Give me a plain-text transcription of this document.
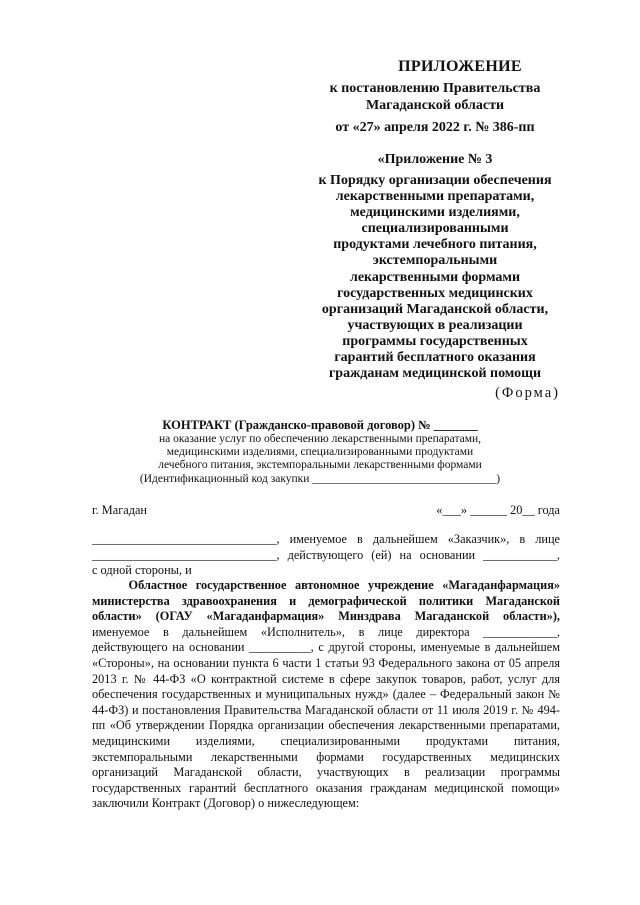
ПРИЛОЖЕНИЕ
к постановлению Правительства
Магаданской области
от «27» апреля 2022 г. № 386-пп
«Приложение № 3
к Порядку организации обеспечения
лекарственными препаратами,
медицинскими изделиями,
специализированными
продуктами лечебного питания,
экстемпоральными
лекарственными формами
государственных медицинских
организаций Магаданской области,
участвующих в реализации
программы государственных
гарантий бесплатного оказания
гражданам медицинской помощи
(Форма)
КОНТРАКТ (Гражданско-правовой договор) № _______
на оказание услуг по обеспечению лекарственными препаратами,
медицинскими изделиями, специализированными продуктами
лечебного питания, экстемпоральными лекарственными формами
(Идентификационный код закупки ________________________________)
г. Магадан	«___» ______ 20__ года
______________________________, именуемое в дальнейшем «Заказчик», в лице
______________________________, действующего (ей) на основании ____________,
с одной стороны, и
Областное государственное автономное учреждение «Магаданфармация» министерства здравоохранения и демографической политики Магаданской области» (ОГАУ «Магаданфармация» Минздрава Магаданской области»), именуемое в дальнейшем «Исполнитель», в лице директора ____________, действующего на основании __________, с другой стороны, именуемые в дальнейшем «Стороны», на основании пункта 6 части 1 статьи 93 Федерального закона от 05 апреля 2013 г. № 44-ФЗ «О контрактной системе в сфере закупок товаров, работ, услуг для обеспечения государственных и муниципальных нужд» (далее – Федеральный закон № 44-ФЗ) и постановления Правительства Магаданской области от 11 июля 2019 г. № 494-пп «Об утверждении Порядка организации обеспечения лекарственными препаратами, медицинскими изделиями, специализированными продуктами питания, экстемпоральными лекарственными формами государственных медицинских организаций Магаданской области, участвующих в реализации программы государственных гарантий бесплатного оказания гражданам медицинской помощи» заключили Контракт (Договор) о нижеследующем:
